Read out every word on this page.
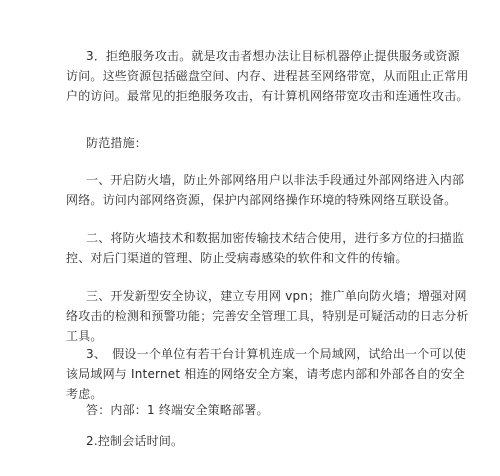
3．拒绝服务攻击。就是攻击者想办法让目标机器停止提供服务或资源访问。这些资源包括磁盘空间、内存、进程甚至网络带宽，从而阻止正常用户的访问。最常见的拒绝服务攻击，有计算机网络带宽攻击和连通性攻击。

防范措施：

一、开启防火墙，防止外部网络用户以非法手段通过外部网络进入内部网络。访问内部网络资源，保护内部网络操作环境的特殊网络互联设备。

二、将防火墙技术和数据加密传输技术结合使用，进行多方位的扫描监控、对后门渠道的管理、防止受病毒感染的软件和文件的传输。

三、开发新型安全协议，建立专用网 vpn；推广单向防火墙；增强对网络攻击的检测和预警功能；完善安全管理工具，特别是可疑活动的日志分析工具。

3、　假设一个单位有若干台计算机连成一个局域网，试给出一个可以使该局域网与 Internet 相连的网络安全方案，请考虑内部和外部各自的安全考虑。

答：内部：1 终端安全策略部署。

2.控制会话时间。
